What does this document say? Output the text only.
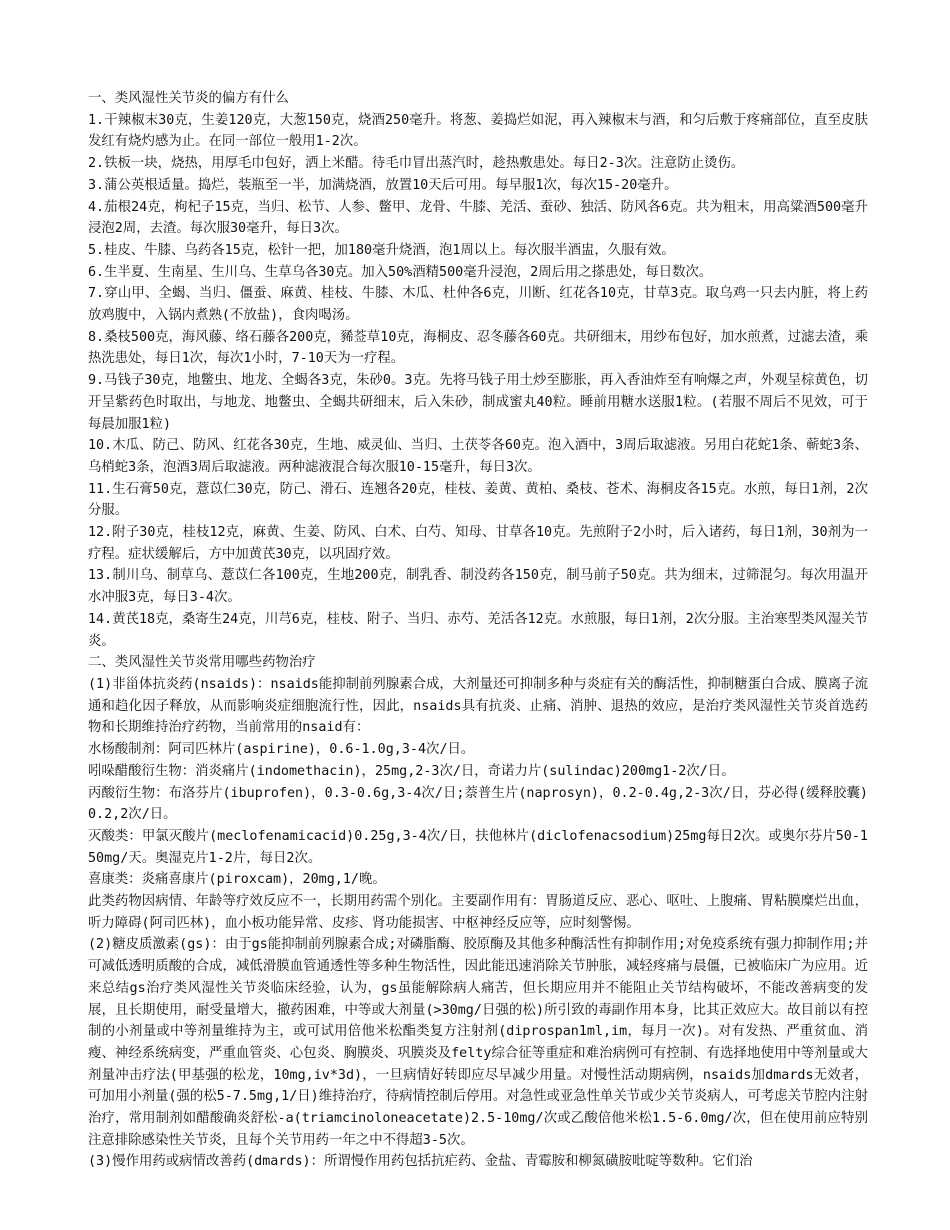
一、类风湿性关节炎的偏方有什么

1.干辣椒末30克，生姜120克，大葱150克，烧酒250毫升。将葱、姜捣烂如泥，再入辣椒末与酒，和匀后敷于疼痛部位，直至皮肤发红有烧灼感为止。在同一部位一般用1-2次。

2.铁板一块，烧热，用厚毛巾包好，洒上米醋。待毛巾冒出蒸汽时，趁热敷患处。每日2-3次。注意防止烫伤。

3.蒲公英根适量。捣烂，装瓶至一半，加满烧酒，放置10天后可用。每早服1次，每次15-20毫升。

4.茄根24克，枸杞子15克，当归、松节、人参、鳖甲、龙骨、牛膝、羌活、蚕砂、独活、防风各6克。共为粗末，用高粱酒500毫升浸泡2周，去渣。每次服30毫升，每日3次。

5.桂皮、牛膝、乌药各15克，松针一把，加180毫升烧酒，泡1周以上。每次服半酒盅，久服有效。

6.生半夏、生南星、生川乌、生草乌各30克。加入50%酒精500毫升浸泡，2周后用之搽患处，每日数次。

7.穿山甲、全蝎、当归、僵蚕、麻黄、桂枝、牛膝、木瓜、杜仲各6克，川断、红花各10克，甘草3克。取乌鸡一只去内脏，将上药放鸡腹中，入锅内煮熟(不放盐)，食肉喝汤。

8.桑枝500克，海风藤、络石藤各200克，豨莶草10克，海桐皮、忍冬藤各60克。共研细末，用纱布包好，加水煎煮，过滤去渣，乘热洗患处，每日1次，每次1小时，7-10天为一疗程。

9.马钱子30克，地鳖虫、地龙、全蝎各3克，朱砂0。3克。先将马钱子用土炒至膨胀，再入香油炸至有响爆之声，外观呈棕黄色，切开呈紫药色时取出，与地龙、地鳖虫、全蝎共研细末，后入朱砂，制成蜜丸40粒。睡前用糖水送服1粒。(若服不周后不见效，可于每晨加服1粒)

10.木瓜、防己、防风、红花各30克，生地、威灵仙、当归、土茯苓各60克。泡入酒中，3周后取滤液。另用白花蛇1条、蕲蛇3条、乌梢蛇3条，泡酒3周后取滤液。两种滤液混合每次服10-15毫升，每日3次。

11.生石膏50克，薏苡仁30克，防己、滑石、连翘各20克，桂枝、姜黄、黄柏、桑枝、苍术、海桐皮各15克。水煎，每日1剂，2次分服。

12.附子30克，桂枝12克，麻黄、生姜、防风、白术、白芍、知母、甘草各10克。先煎附子2小时，后入诸药，每日1剂，30剂为一疗程。症状缓解后，方中加黄芪30克，以巩固疗效。

13.制川乌、制草乌、薏苡仁各100克，生地200克，制乳香、制没药各150克，制马前子50克。共为细末，过筛混匀。每次用温开水冲服3克，每日3-4次。

14.黄芪18克，桑寄生24克，川芎6克，桂枝、附子、当归、赤芍、羌活各12克。水煎服，每日1剂，2次分服。主治寒型类风湿关节炎。

二、类风湿性关节炎常用哪些药物治疗

(1)非甾体抗炎药(nsaids)：nsaids能抑制前列腺素合成，大剂量还可抑制多种与炎症有关的酶活性，抑制糖蛋白合成、膜离子流通和趋化因子释放，从而影响炎症细胞流行性，因此，nsaids具有抗炎、止痛、消肿、退热的效应，是治疗类风湿性关节炎首选药物和长期维持治疗药物，当前常用的nsaid有：

水杨酸制剂：阿司匹林片(aspirine)，0.6-1.0g,3-4次/日。

吲哚醋酸衍生物：消炎痛片(indomethacin)，25mg,2-3次/日，奇诺力片(sulindac)200mg1-2次/日。

丙酸衍生物：布洛芬片(ibuprofen)，0.3-0.6g,3-4次/日;萘普生片(naprosyn)，0.2-0.4g,2-3次/日，芬必得(缓释胶囊)0.2,2次/日。

灭酸类：甲氯灭酸片(meclofenamicacid)0.25g,3-4次/日，扶他林片(diclofenacsodium)25mg每日2次。或奥尔芬片50-150mg/天。奥湿克片1-2片，每日2次。

喜康类：炎痛喜康片(piroxcam)，20mg,1/晚。

此类药物因病情、年龄等疗效反应不一，长期用药需个别化。主要副作用有：胃肠道反应、恶心、呕吐、上腹痛、胃粘膜糜烂出血，听力障碍(阿司匹林)，血小板功能异常、皮疹、肾功能损害、中枢神经反应等，应时刻警惕。

(2)糖皮质激素(gs)：由于gs能抑制前列腺素合成;对磷脂酶、胶原酶及其他多种酶活性有抑制作用;对免疫系统有强力抑制作用;并可减低透明质酸的合成，减低滑膜血管通透性等多种生物活性，因此能迅速消除关节肿胀，减轻疼痛与晨僵，已被临床广为应用。近来总结gs治疗类风湿性关节炎临床经验，认为，gs虽能解除病人痛苦，但长期应用并不能阻止关节结构破坏，不能改善病变的发展，且长期使用，耐受量增大，撤药困难，中等或大剂量(>30mg/日强的松)所引致的毒副作用本身，比其正效应大。故目前以有控制的小剂量或中等剂量维持为主，或可试用倍他米松酯类复方注射剂(diprospan1ml,im，每月一次)。对有发热、严重贫血、消瘦、神经系统病变，严重血管炎、心包炎、胸膜炎、巩膜炎及felty综合征等重症和难治病例可有控制、有选择地使用中等剂量或大剂量冲击疗法(甲基强的松龙，10mg,iv*3d)，一旦病情好转即应尽早减少用量。对慢性活动期病例，nsaids加dmards无效者，可加用小剂量(强的松5-7.5mg,1/日)维持治疗，待病情控制后停用。对急性或亚急性单关节或少关节炎病人，可考虑关节腔内注射治疗，常用制剂如醋酸确炎舒松-a(triamcinoloneacetate)2.5-10mg/次或乙酸倍他米松1.5-6.0mg/次，但在使用前应特别注意排除感染性关节炎，且每个关节用药一年之中不得超3-5次。

(3)慢作用药或病情改善药(dmards)：所谓慢作用药包括抗疟药、金盐、青霉胺和柳氮磺胺吡啶等数种。它们治
